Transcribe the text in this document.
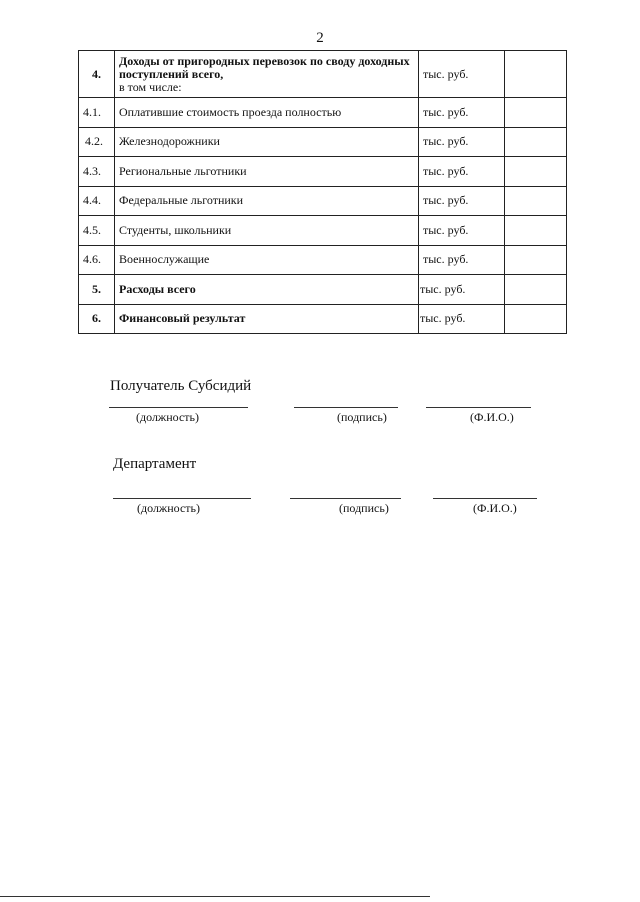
2
4.	Доходы от пригородных перевозок по своду доходных поступлений всего,
в том числе:	тыс. руб.	
4.1.	Оплатившие стоимость проезда полностью	тыс. руб.	
4.2.	Железнодорожники	тыс. руб.	
4.3.	Региональные льготники	тыс. руб.	
4.4.	Федеральные льготники	тыс. руб.	
4.5.	Студенты, школьники	тыс. руб.	
4.6.	Военнослужащие	тыс. руб.	
5.	Расходы всего	тыс. руб.	
6.	Финансовый результат	тыс. руб.	
Получатель Субсидий
(должность)	(подпись)	(Ф.И.О.)
Департамент
(должность)	(подпись)	(Ф.И.О.)
